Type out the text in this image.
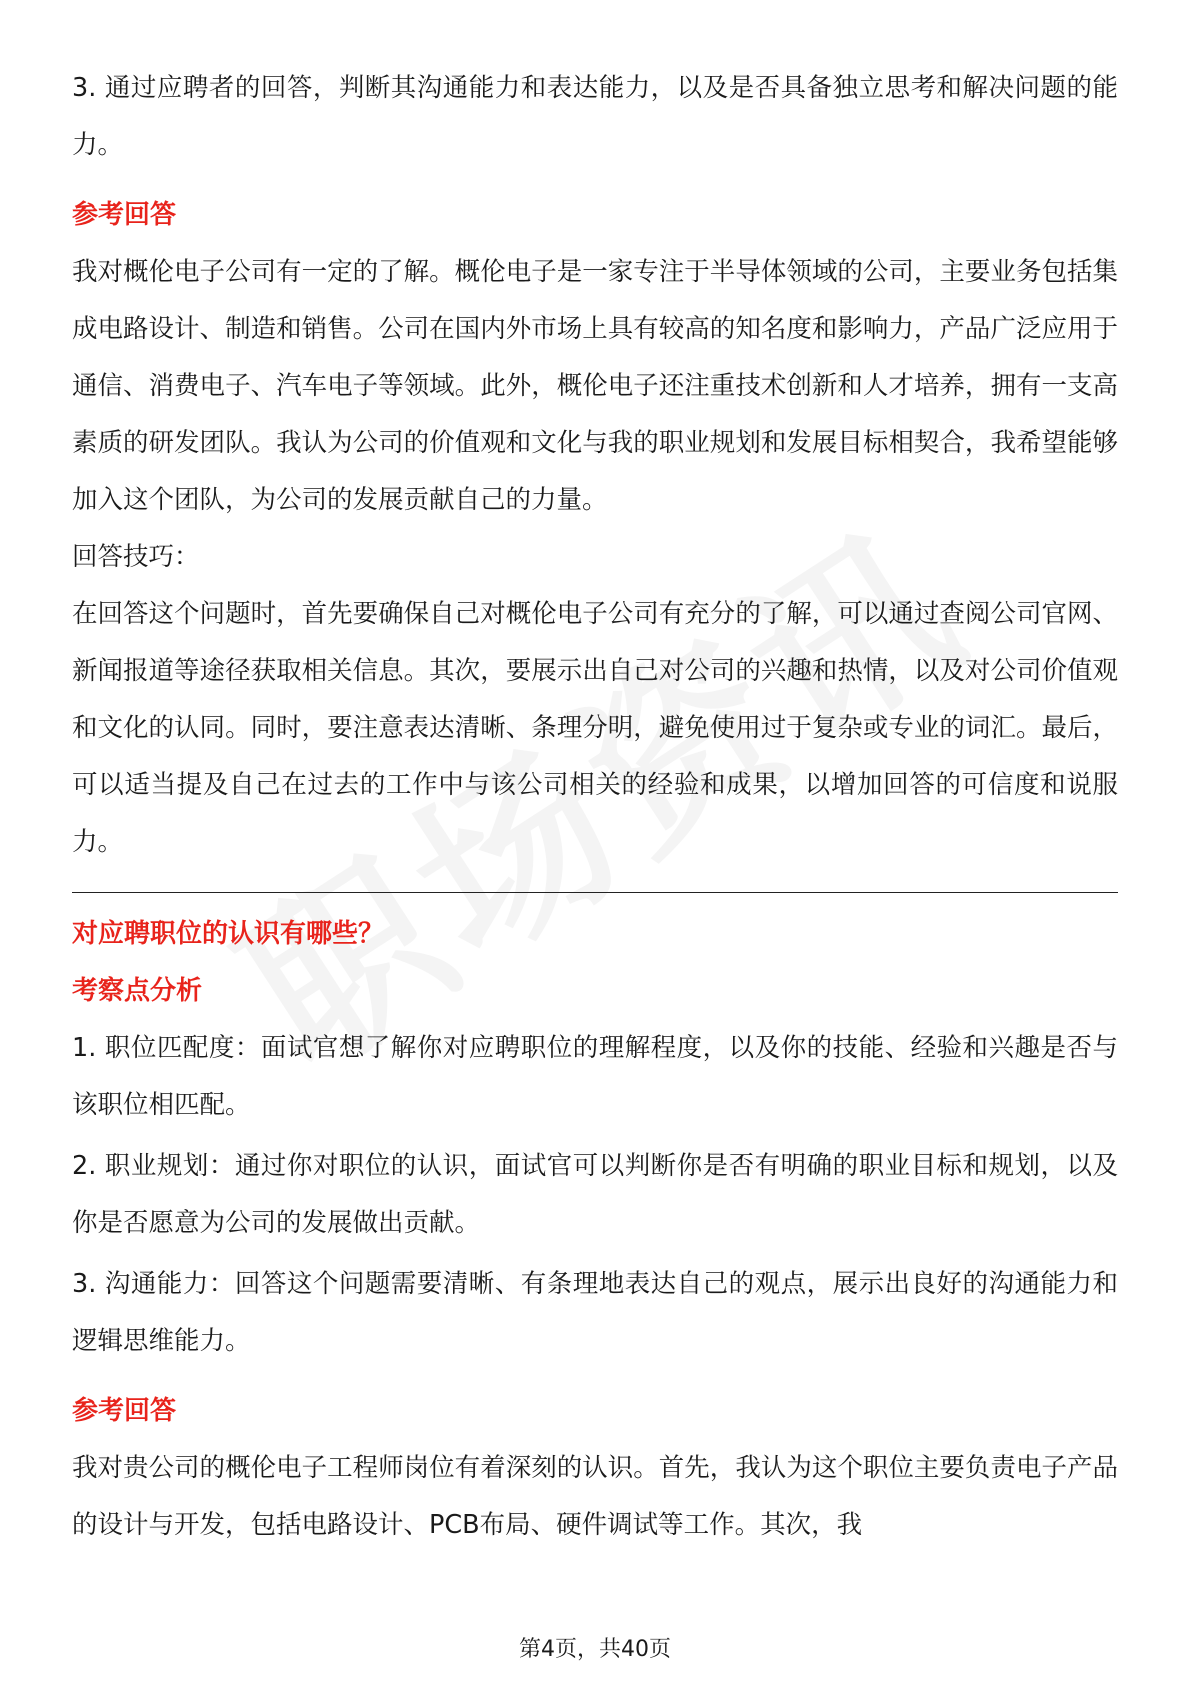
3. 通过应聘者的回答，判断其沟通能力和表达能力，以及是否具备独立思考和解决问题的能力。

参考回答

我对概伦电子公司有一定的了解。概伦电子是一家专注于半导体领域的公司，主要业务包括集成电路设计、制造和销售。公司在国内外市场上具有较高的知名度和影响力，产品广泛应用于通信、消费电子、汽车电子等领域。此外，概伦电子还注重技术创新和人才培养，拥有一支高素质的研发团队。我认为公司的价值观和文化与我的职业规划和发展目标相契合，我希望能够加入这个团队，为公司的发展贡献自己的力量。

回答技巧：

在回答这个问题时，首先要确保自己对概伦电子公司有充分的了解，可以通过查阅公司官网、新闻报道等途径获取相关信息。其次，要展示出自己对公司的兴趣和热情，以及对公司价值观和文化的认同。同时，要注意表达清晰、条理分明，避免使用过于复杂或专业的词汇。最后，可以适当提及自己在过去的工作中与该公司相关的经验和成果，以增加回答的可信度和说服力。

对应聘职位的认识有哪些？

考察点分析

1. 职位匹配度：面试官想了解你对应聘职位的理解程度，以及你的技能、经验和兴趣是否与该职位相匹配。

2. 职业规划：通过你对职位的认识，面试官可以判断你是否有明确的职业目标和规划，以及你是否愿意为公司的发展做出贡献。

3. 沟通能力：回答这个问题需要清晰、有条理地表达自己的观点，展示出良好的沟通能力和逻辑思维能力。

参考回答

我对贵公司的概伦电子工程师岗位有着深刻的认识。首先，我认为这个职位主要负责电子产品的设计与开发，包括电路设计、PCB布局、硬件调试等工作。其次，我

第4页，共40页
